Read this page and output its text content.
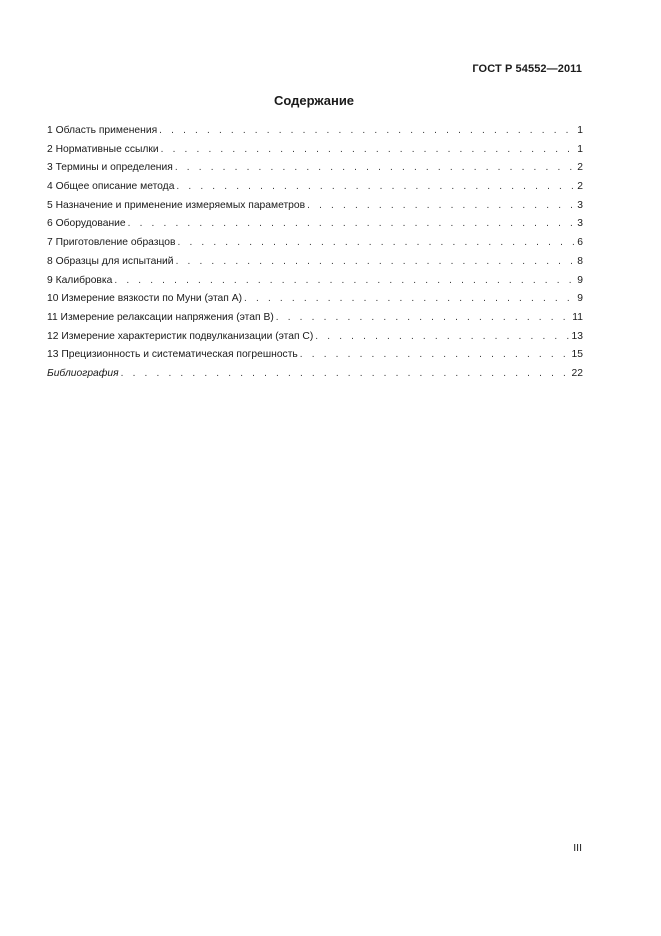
ГОСТ Р 54552—2011
Содержание
1 Область применения . . .	1
2 Нормативные ссылки . . .	1
3 Термины и определения . . .	2
4 Общее описание метода . . .	2
5 Назначение и применение измеряемых параметров . . .	3
6 Оборудование . . .	3
7 Приготовление образцов . . .	6
8 Образцы для испытаний . . .	8
9 Калибровка . . .	9
10 Измерение вязкости по Муни (этап А) . . .	9
11 Измерение релаксации напряжения (этап В) . . .	11
12 Измерение характеристик подвулканизации (этап С) . . .	13
13 Прецизионность и систематическая погрешность . . .	15
Библиография . . .	22
III
